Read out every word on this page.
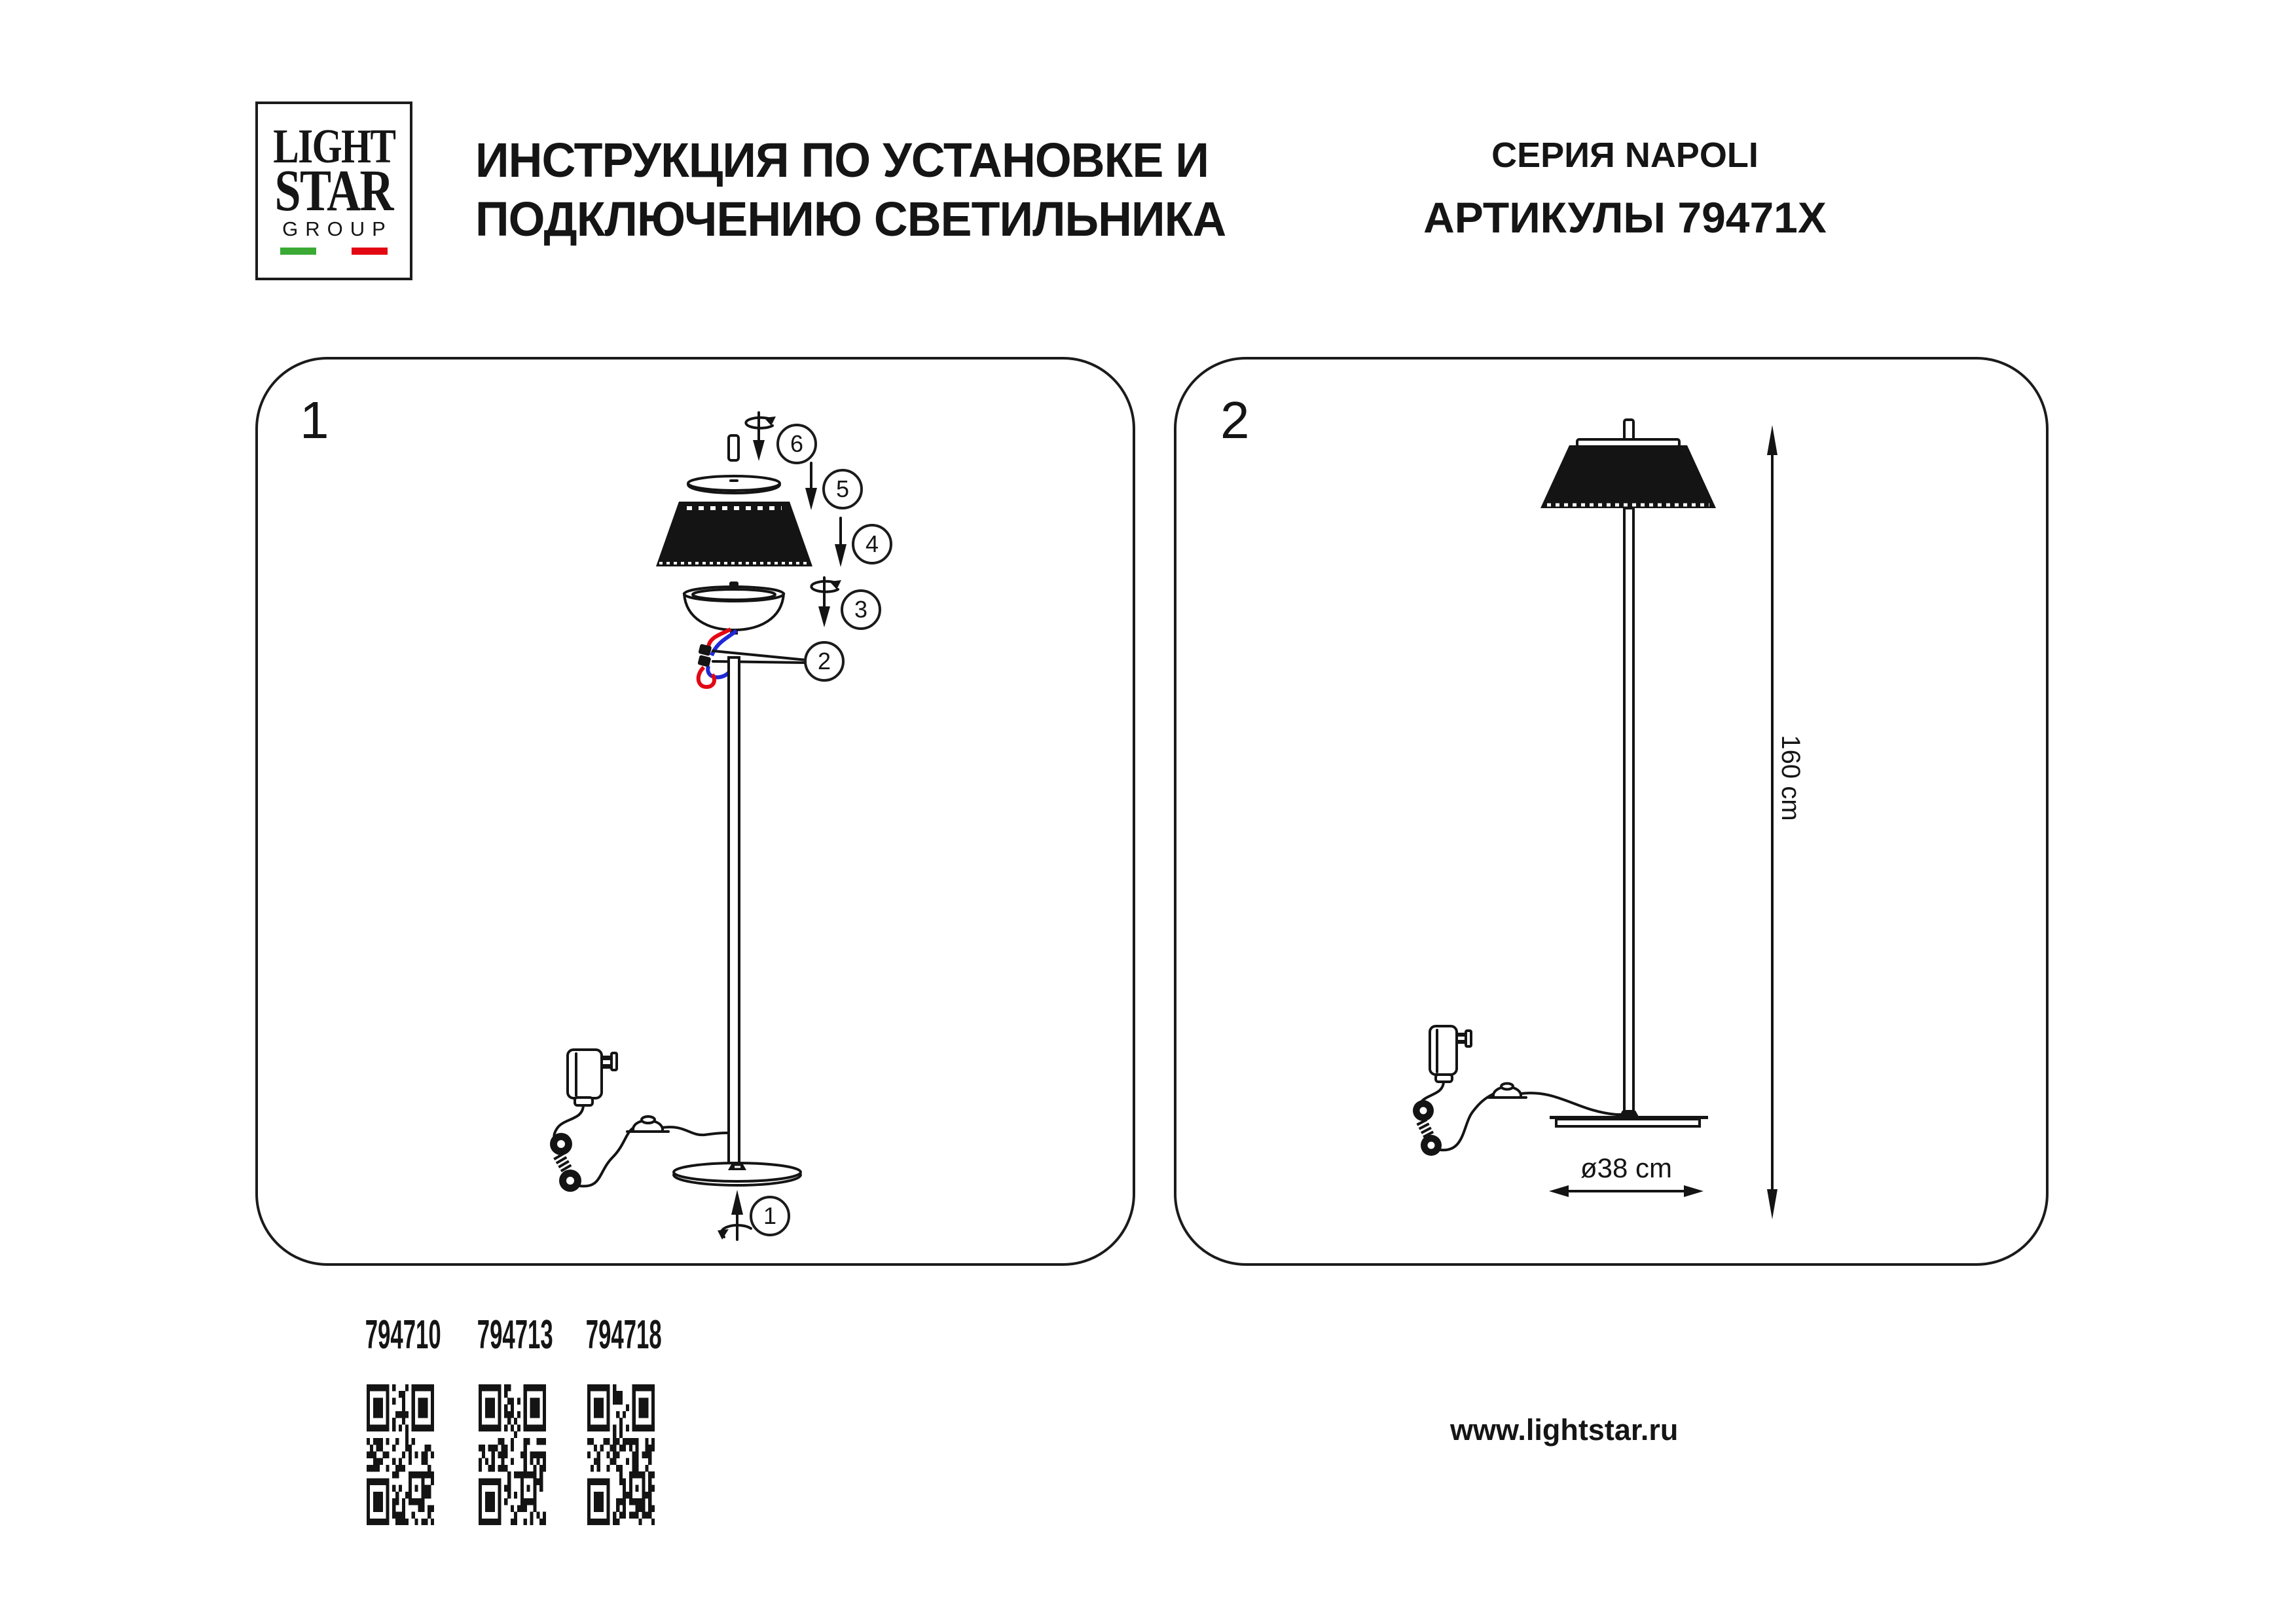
LIGHT
STAR
GROUP
ИНСТРУКЦИЯ ПО УСТАНОВКЕ И
ПОДКЛЮЧЕНИЮ СВЕТИЛЬНИКА
СЕРИЯ NAPOLI
АРТИКУЛЫ 79471X
1
1
2
3
4
5
6	2
160 cm
ø38 cm
794710 794713 794718
www.lightstar.ru
